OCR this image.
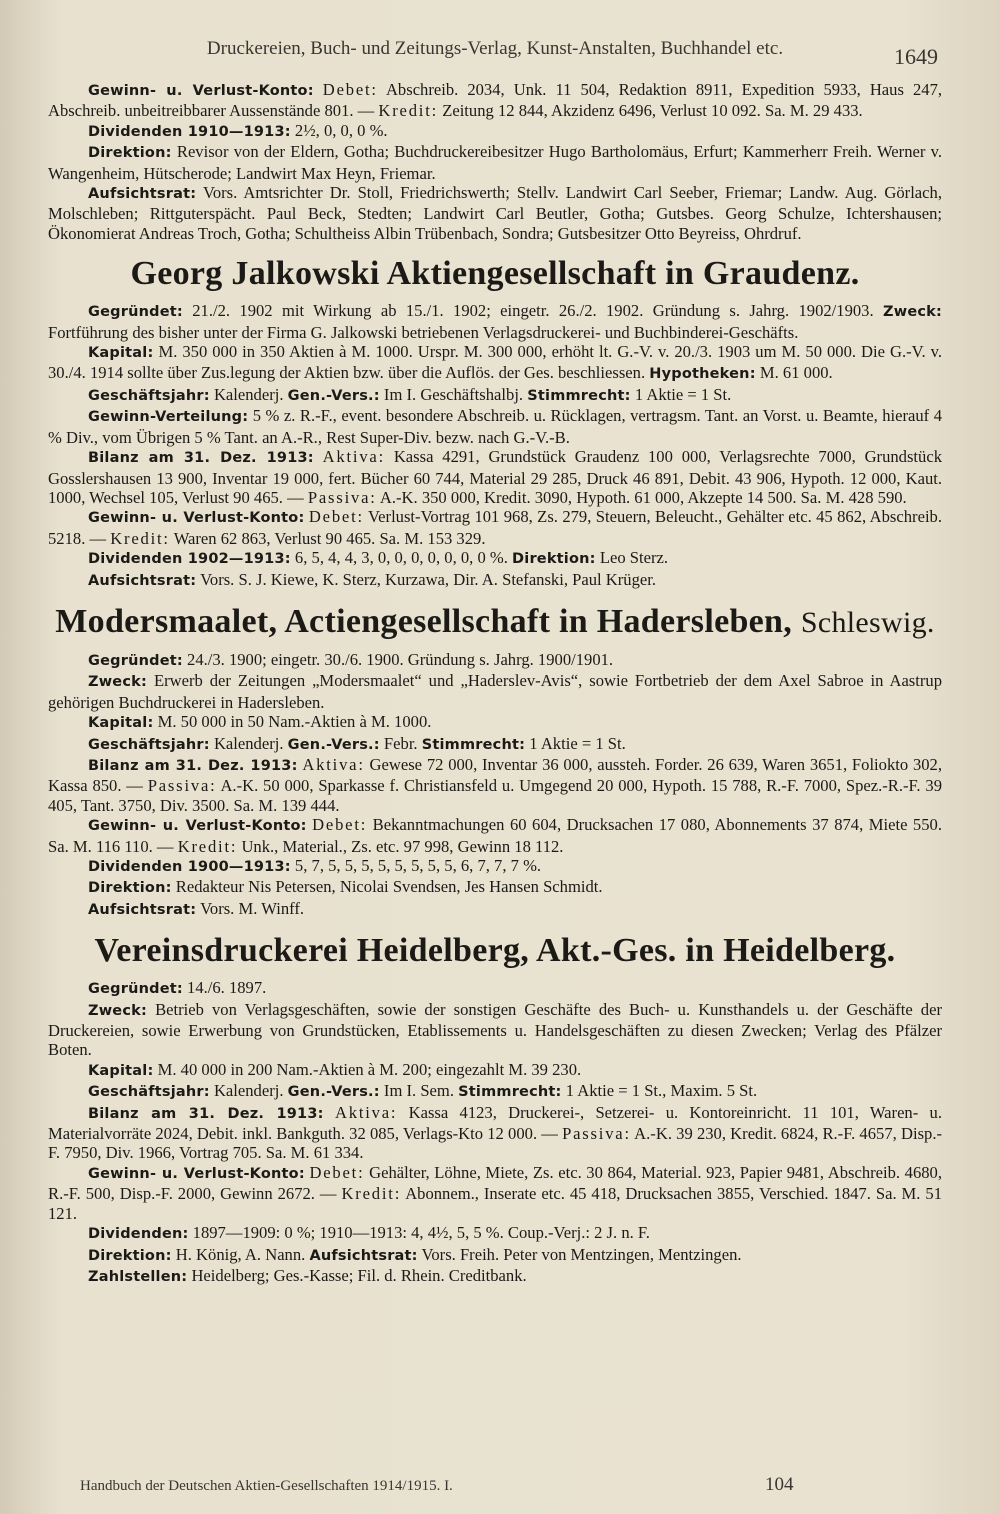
Druckereien, Buch- und Zeitungs-Verlag, Kunst-Anstalten, Buchhandel etc.	1649

Gewinn- u. Verlust-Konto: Debet: Abschreib. 2034, Unk. 11 504, Redaktion 8911, Expedition 5933, Haus 247, Abschreib. unbeitreibbarer Aussenstände 801. — Kredit: Zeitung 12 844, Akzidenz 6496, Verlust 10 092. Sa. M. 29 433.

Dividenden 1910—1913: 2½, 0, 0, 0 %.

Direktion: Revisor von der Eldern, Gotha; Buchdruckereibesitzer Hugo Bartholomäus, Erfurt; Kammerherr Freih. Werner v. Wangenheim, Hütscherode; Landwirt Max Heyn, Friemar.

Aufsichtsrat: Vors. Amtsrichter Dr. Stoll, Friedrichswerth; Stellv. Landwirt Carl Seeber, Friemar; Landw. Aug. Görlach, Molschleben; Rittguterspächt. Paul Beck, Stedten; Landwirt Carl Beutler, Gotha; Gutsbes. Georg Schulze, Ichtershausen; Ökonomierat Andreas Troch, Gotha; Schultheiss Albin Trübenbach, Sondra; Gutsbesitzer Otto Beyreiss, Ohrdruf.

Georg Jalkowski Aktiengesellschaft in Graudenz.

Gegründet: 21./2. 1902 mit Wirkung ab 15./1. 1902; eingetr. 26./2. 1902. Gründung s. Jahrg. 1902/1903. Zweck: Fortführung des bisher unter der Firma G. Jalkowski betriebenen Verlagsdruckerei- und Buchbinderei-Geschäfts.

Kapital: M. 350 000 in 350 Aktien à M. 1000. Urspr. M. 300 000, erhöht lt. G.-V. v. 20./3. 1903 um M. 50 000. Die G.-V. v. 30./4. 1914 sollte über Zus.legung der Aktien bzw. über die Auflös. der Ges. beschliessen. Hypotheken: M. 61 000.

Geschäftsjahr: Kalenderj. Gen.-Vers.: Im I. Geschäftshalbj. Stimmrecht: 1 Aktie = 1 St.

Gewinn-Verteilung: 5 % z. R.-F., event. besondere Abschreib. u. Rücklagen, vertragsm. Tant. an Vorst. u. Beamte, hierauf 4 % Div., vom Übrigen 5 % Tant. an A.-R., Rest Super-Div. bezw. nach G.-V.-B.

Bilanz am 31. Dez. 1913: Aktiva: Kassa 4291, Grundstück Graudenz 100 000, Verlagsrechte 7000, Grundstück Gosslershausen 13 900, Inventar 19 000, fert. Bücher 60 744, Material 29 285, Druck 46 891, Debit. 43 906, Hypoth. 12 000, Kaut. 1000, Wechsel 105, Verlust 90 465. — Passiva: A.-K. 350 000, Kredit. 3090, Hypoth. 61 000, Akzepte 14 500. Sa. M. 428 590.

Gewinn- u. Verlust-Konto: Debet: Verlust-Vortrag 101 968, Zs. 279, Steuern, Beleucht., Gehälter etc. 45 862, Abschreib. 5218. — Kredit: Waren 62 863, Verlust 90 465. Sa. M. 153 329.

Dividenden 1902—1913: 6, 5, 4, 4, 3, 0, 0, 0, 0, 0, 0, 0 %. Direktion: Leo Sterz.

Aufsichtsrat: Vors. S. J. Kiewe, K. Sterz, Kurzawa, Dir. A. Stefanski, Paul Krüger.

Modersmaalet, Actiengesellschaft in Hadersleben, Schleswig.

Gegründet: 24./3. 1900; eingetr. 30./6. 1900. Gründung s. Jahrg. 1900/1901.

Zweck: Erwerb der Zeitungen „Modersmaalet“ und „Haderslev-Avis“, sowie Fortbetrieb der dem Axel Sabroe in Aastrup gehörigen Buchdruckerei in Hadersleben.

Kapital: M. 50 000 in 50 Nam.-Aktien à M. 1000.

Geschäftsjahr: Kalenderj. Gen.-Vers.: Febr. Stimmrecht: 1 Aktie = 1 St.

Bilanz am 31. Dez. 1913: Aktiva: Gewese 72 000, Inventar 36 000, aussteh. Forder. 26 639, Waren 3651, Foliokto 302, Kassa 850. — Passiva: A.-K. 50 000, Sparkasse f. Christiansfeld u. Umgegend 20 000, Hypoth. 15 788, R.-F. 7000, Spez.-R.-F. 39 405, Tant. 3750, Div. 3500. Sa. M. 139 444.

Gewinn- u. Verlust-Konto: Debet: Bekanntmachungen 60 604, Drucksachen 17 080, Abonnements 37 874, Miete 550. Sa. M. 116 110. — Kredit: Unk., Material., Zs. etc. 97 998, Gewinn 18 112.

Dividenden 1900—1913: 5, 7, 5, 5, 5, 5, 5, 5, 5, 5, 6, 7, 7, 7 %.

Direktion: Redakteur Nis Petersen, Nicolai Svendsen, Jes Hansen Schmidt.

Aufsichtsrat: Vors. M. Winff.

Vereinsdruckerei Heidelberg, Akt.-Ges. in Heidelberg.

Gegründet: 14./6. 1897.

Zweck: Betrieb von Verlagsgeschäften, sowie der sonstigen Geschäfte des Buch- u. Kunsthandels u. der Geschäfte der Druckereien, sowie Erwerbung von Grundstücken, Etablissements u. Handelsgeschäften zu diesen Zwecken; Verlag des Pfälzer Boten.

Kapital: M. 40 000 in 200 Nam.-Aktien à M. 200; eingezahlt M. 39 230.

Geschäftsjahr: Kalenderj. Gen.-Vers.: Im I. Sem. Stimmrecht: 1 Aktie = 1 St., Maxim. 5 St.

Bilanz am 31. Dez. 1913: Aktiva: Kassa 4123, Druckerei-, Setzerei- u. Kontoreinricht. 11 101, Waren- u. Materialvorräte 2024, Debit. inkl. Bankguth. 32 085, Verlags-Kto 12 000. — Passiva: A.-K. 39 230, Kredit. 6824, R.-F. 4657, Disp.-F. 7950, Div. 1966, Vortrag 705. Sa. M. 61 334.

Gewinn- u. Verlust-Konto: Debet: Gehälter, Löhne, Miete, Zs. etc. 30 864, Material. 923, Papier 9481, Abschreib. 4680, R.-F. 500, Disp.-F. 2000, Gewinn 2672. — Kredit: Abonnem., Inserate etc. 45 418, Drucksachen 3855, Verschied. 1847. Sa. M. 51 121.

Dividenden: 1897—1909: 0 %; 1910—1913: 4, 4½, 5, 5 %. Coup.-Verj.: 2 J. n. F.

Direktion: H. König, A. Nann. Aufsichtsrat: Vors. Freih. Peter von Mentzingen, Mentzingen.

Zahlstellen: Heidelberg; Ges.-Kasse; Fil. d. Rhein. Creditbank.

Handbuch der Deutschen Aktien-Gesellschaften 1914/1915. I.	104
